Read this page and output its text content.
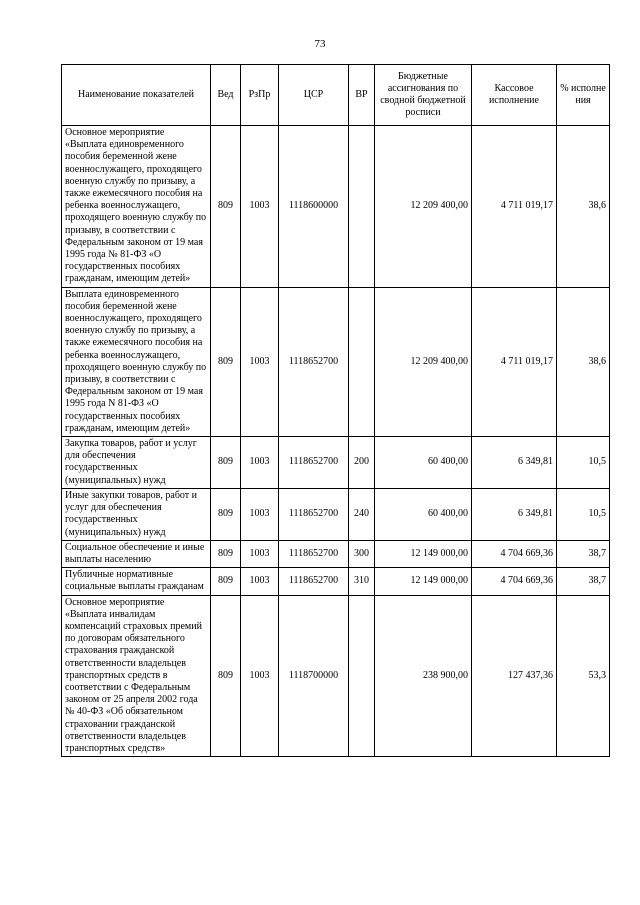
73
Наименование показателей	Вед	РзПр	ЦСР	ВР	Бюджетные ассигнования по сводной бюджетной росписи	Кассовое исполнение	% исполне ния
Основное мероприятие «Выплата единовременного пособия беременной жене военнослужащего, проходящего военную службу по призыву, а также ежемесячного пособия на ребенка военнослужащего, проходящего военную службу по призыву, в соответствии с Федеральным законом от 19 мая 1995 года № 81-ФЗ «О государственных пособиях гражданам, имеющим детей»	809	1003	1118600000		12 209 400,00	4 711 019,17	38,6
Выплата единовременного пособия беременной жене военнослужащего, проходящего военную службу по призыву, а также ежемесячного пособия на ребенка военнослужащего, проходящего военную службу по призыву, в соответствии с Федеральным законом от 19 мая 1995 года N 81-ФЗ «О государственных пособиях гражданам, имеющим детей»	809	1003	1118652700		12 209 400,00	4 711 019,17	38,6
Закупка товаров, работ и услуг для обеспечения государственных (муниципальных) нужд	809	1003	1118652700	200	60 400,00	6 349,81	10,5
Иные закупки товаров, работ и услуг для обеспечения государственных (муниципальных) нужд	809	1003	1118652700	240	60 400,00	6 349,81	10,5
Социальное обеспечение и иные выплаты населению	809	1003	1118652700	300	12 149 000,00	4 704 669,36	38,7
Публичные нормативные социальные выплаты гражданам	809	1003	1118652700	310	12 149 000,00	4 704 669,36	38,7
Основное мероприятие «Выплата инвалидам компенсаций страховых премий по договорам обязательного страхования гражданской ответственности владельцев транспортных средств в соответствии с Федеральным законом от 25 апреля 2002 года № 40-ФЗ «Об обязательном страховании гражданской ответственности владельцев транспортных средств»	809	1003	1118700000		238 900,00	127 437,36	53,3
